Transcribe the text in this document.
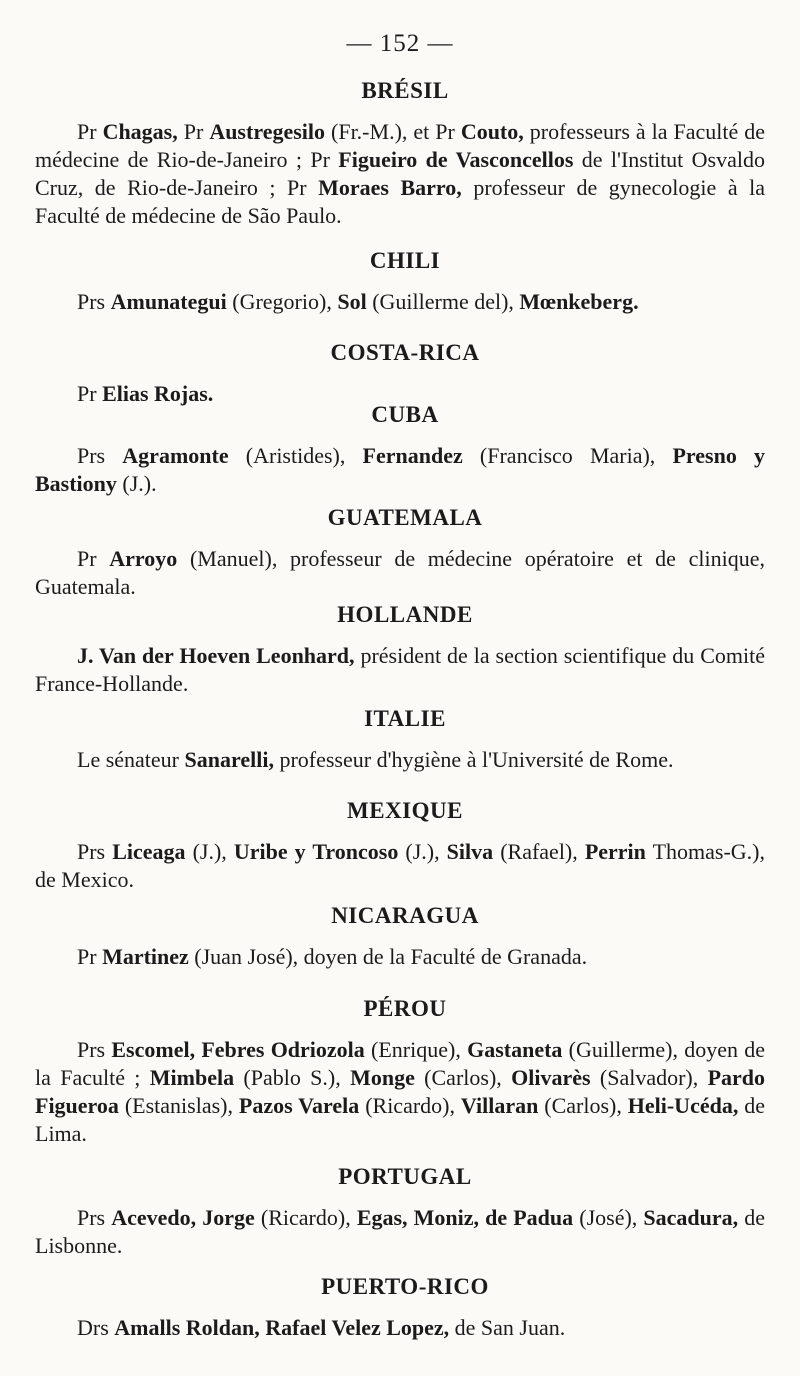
— 152 —
BRÉSIL

Pr Chagas, Pr Austregesilo (Fr.-M.), et Pr Couto, professeurs à la Faculté de médecine de Rio-de-Janeiro ; Pr Figueiro de Vasconcellos de l'Institut Osvaldo Cruz, de Rio-de-Janeiro ; Pr Moraes Barro, professeur de gynecologie à la Faculté de médecine de São Paulo.

CHILI

Prs Amunategui (Gregorio), Sol (Guillerme del), Mœnkeberg.

COSTA-RICA

Pr Elias Rojas.

CUBA

Prs Agramonte (Aristides), Fernandez (Francisco Maria), Presno y Bastiony (J.).

GUATEMALA

Pr Arroyo (Manuel), professeur de médecine opératoire et de clinique, Guatemala.

HOLLANDE

J. Van der Hoeven Leonhard, président de la section scientifique du Comité France-Hollande.

ITALIE

Le sénateur Sanarelli, professeur d'hygiène à l'Université de Rome.

MEXIQUE

Prs Liceaga (J.), Uribe y Troncoso (J.), Silva (Rafael), Perrin Thomas-G.), de Mexico.

NICARAGUA

Pr Martinez (Juan José), doyen de la Faculté de Granada.

PÉROU

Prs Escomel, Febres Odriozola (Enrique), Gastaneta (Guillerme), doyen de la Faculté ; Mimbela (Pablo S.), Monge (Carlos), Olivarès (Salvador), Pardo Figueroa (Estanislas), Pazos Varela (Ricardo), Villaran (Carlos), Heli-Ucéda, de Lima.

PORTUGAL

Prs Acevedo, Jorge (Ricardo), Egas, Moniz, de Padua (José), Sacadura, de Lisbonne.

PUERTO-RICO

Drs Amalls Roldan, Rafael Velez Lopez, de San Juan.
